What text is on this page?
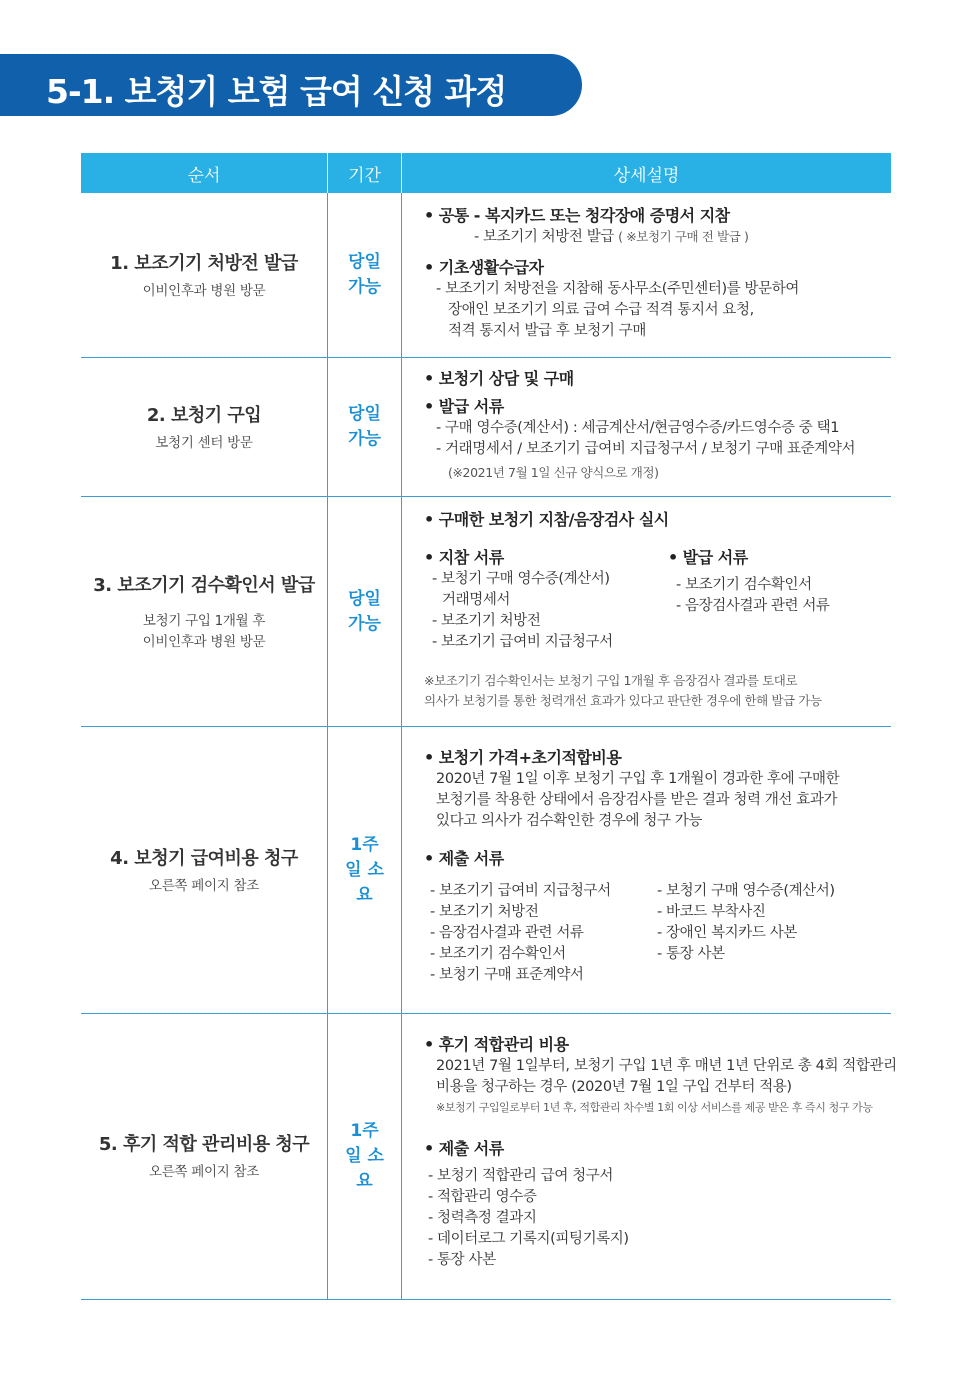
5-1. 보청기 보험 급여 신청 과정
순서	기간	상세설명
1. 보조기기 처방전 발급
이비인후과 병원 방문
당일 가능
• 공통 - 복지카드 또는 청각장애 증명서 지참
- 보조기기 처방전 발급 ( ※보청기 구매 전 발급 )
• 기초생활수급자
- 보조기기 처방전을 지참해 동사무소(주민센터)를 방문하여
장애인 보조기기 의료 급여 수급 적격 통지서 요청,
적격 통지서 발급 후 보청기 구매
2. 보청기 구입
보청기 센터 방문
당일 가능
• 보청기 상담 및 구매
• 발급 서류
- 구매 영수증(계산서) : 세금계산서/현금영수증/카드영수증 중 택1
- 거래명세서 / 보조기기 급여비 지급청구서 / 보청기 구매 표준계약서
(※2021년 7월 1일 신규 양식으로 개정)
3. 보조기기 검수확인서 발급
보청기 구입 1개월 후
이비인후과 병원 방문
당일 가능
• 구매한 보청기 지참/음장검사 실시
• 지참 서류
- 보청기 구매 영수증(계산서)
거래명세서
- 보조기기 처방전
- 보조기기 급여비 지급청구서
• 발급 서류
- 보조기기 검수확인서
- 음장검사결과 관련 서류
※보조기기 검수확인서는 보청기 구입 1개월 후 음장검사 결과를 토대로
의사가 보청기를 통한 청력개선 효과가 있다고 판단한 경우에 한해 발급 가능
4. 보청기 급여비용 청구
오른쪽 페이지 참조
1주일 소요
• 보청기 가격+초기적합비용
2020년 7월 1일 이후 보청기 구입 후 1개월이 경과한 후에 구매한
보청기를 착용한 상태에서 음장검사를 받은 결과 청력 개선 효과가
있다고 의사가 검수확인한 경우에 청구 가능
• 제출 서류
- 보조기기 급여비 지급청구서
- 보조기기 처방전
- 음장검사결과 관련 서류
- 보조기기 검수확인서
- 보청기 구매 표준계약서
- 보청기 구매 영수증(계산서)
- 바코드 부착사진
- 장애인 복지카드 사본
- 통장 사본
5. 후기 적합 관리비용 청구
오른쪽 페이지 참조
1주일 소요
• 후기 적합관리 비용
2021년 7월 1일부터, 보청기 구입 1년 후 매년 1년 단위로 총 4회 적합관리
비용을 청구하는 경우 (2020년 7월 1일 구입 건부터 적용)
※보청기 구입일로부터 1년 후, 적합관리 차수별 1회 이상 서비스를 제공 받은 후 즉시 청구 가능
• 제출 서류
- 보청기 적합관리 급여 청구서
- 적합관리 영수증
- 청력측정 결과지
- 데이터로그 기록지(피팅기록지)
- 통장 사본
